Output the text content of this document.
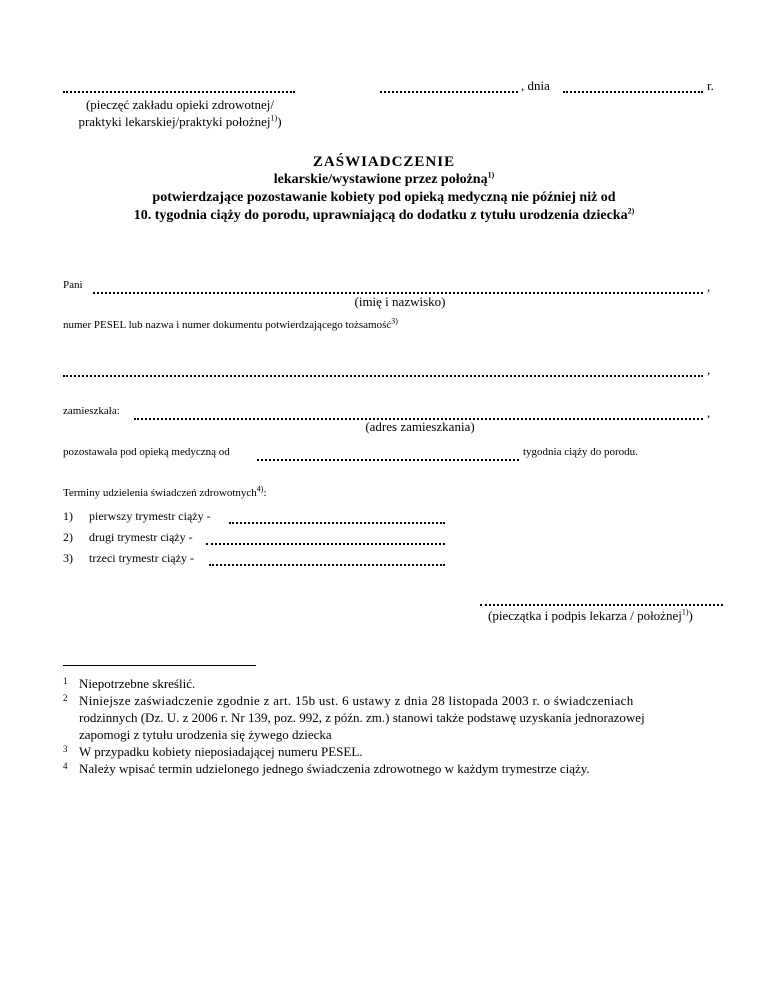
(pieczęć zakładu opieki zdrowotnej/
praktyki lekarskiej/praktyki położnej$^{1)}$)
, dnia	r.
ZAŚWIADCZENIE
lekarskie/wystawione przez położną$^{1)}$
potwierdzające pozostawanie kobiety pod opieką medyczną nie później niż od
10. tygodnia ciąży do porodu, uprawniającą do dodatku z tytułu urodzenia dziecka$^{2)}$
Pani	,
(imię i nazwisko)
numer PESEL lub nazwa i numer dokumentu potwierdzającego tożsamość$^{3)}$
,
zamieszkała:	,
(adres zamieszkania)
pozostawała pod opieką medyczną od	tygodnia ciąży do porodu.
Terminy udzielenia świadczeń zdrowotnych$^{4)}$:
1) pierwszy trymestr ciąży -
2) drugi trymestr ciąży -
3) trzeci trymestr ciąży -
(pieczątka i podpis lekarza / położnej$^{1)}$)
1 Niepotrzebne skreślić.
2 Niniejsze zaświadczenie zgodnie z art. 15b ust. 6 ustawy z dnia 28 listopada 2003 r. o świadczeniach
rodzinnych (Dz. U. z 2006 r. Nr 139, poz. 992, z późn. zm.) stanowi także podstawę uzyskania jednorazowej
zapomogi z tytułu urodzenia się żywego dziecka
3 W przypadku kobiety nieposiadającej numeru PESEL.
4 Należy wpisać termin udzielonego jednego świadczenia zdrowotnego w każdym trymestrze ciąży.
